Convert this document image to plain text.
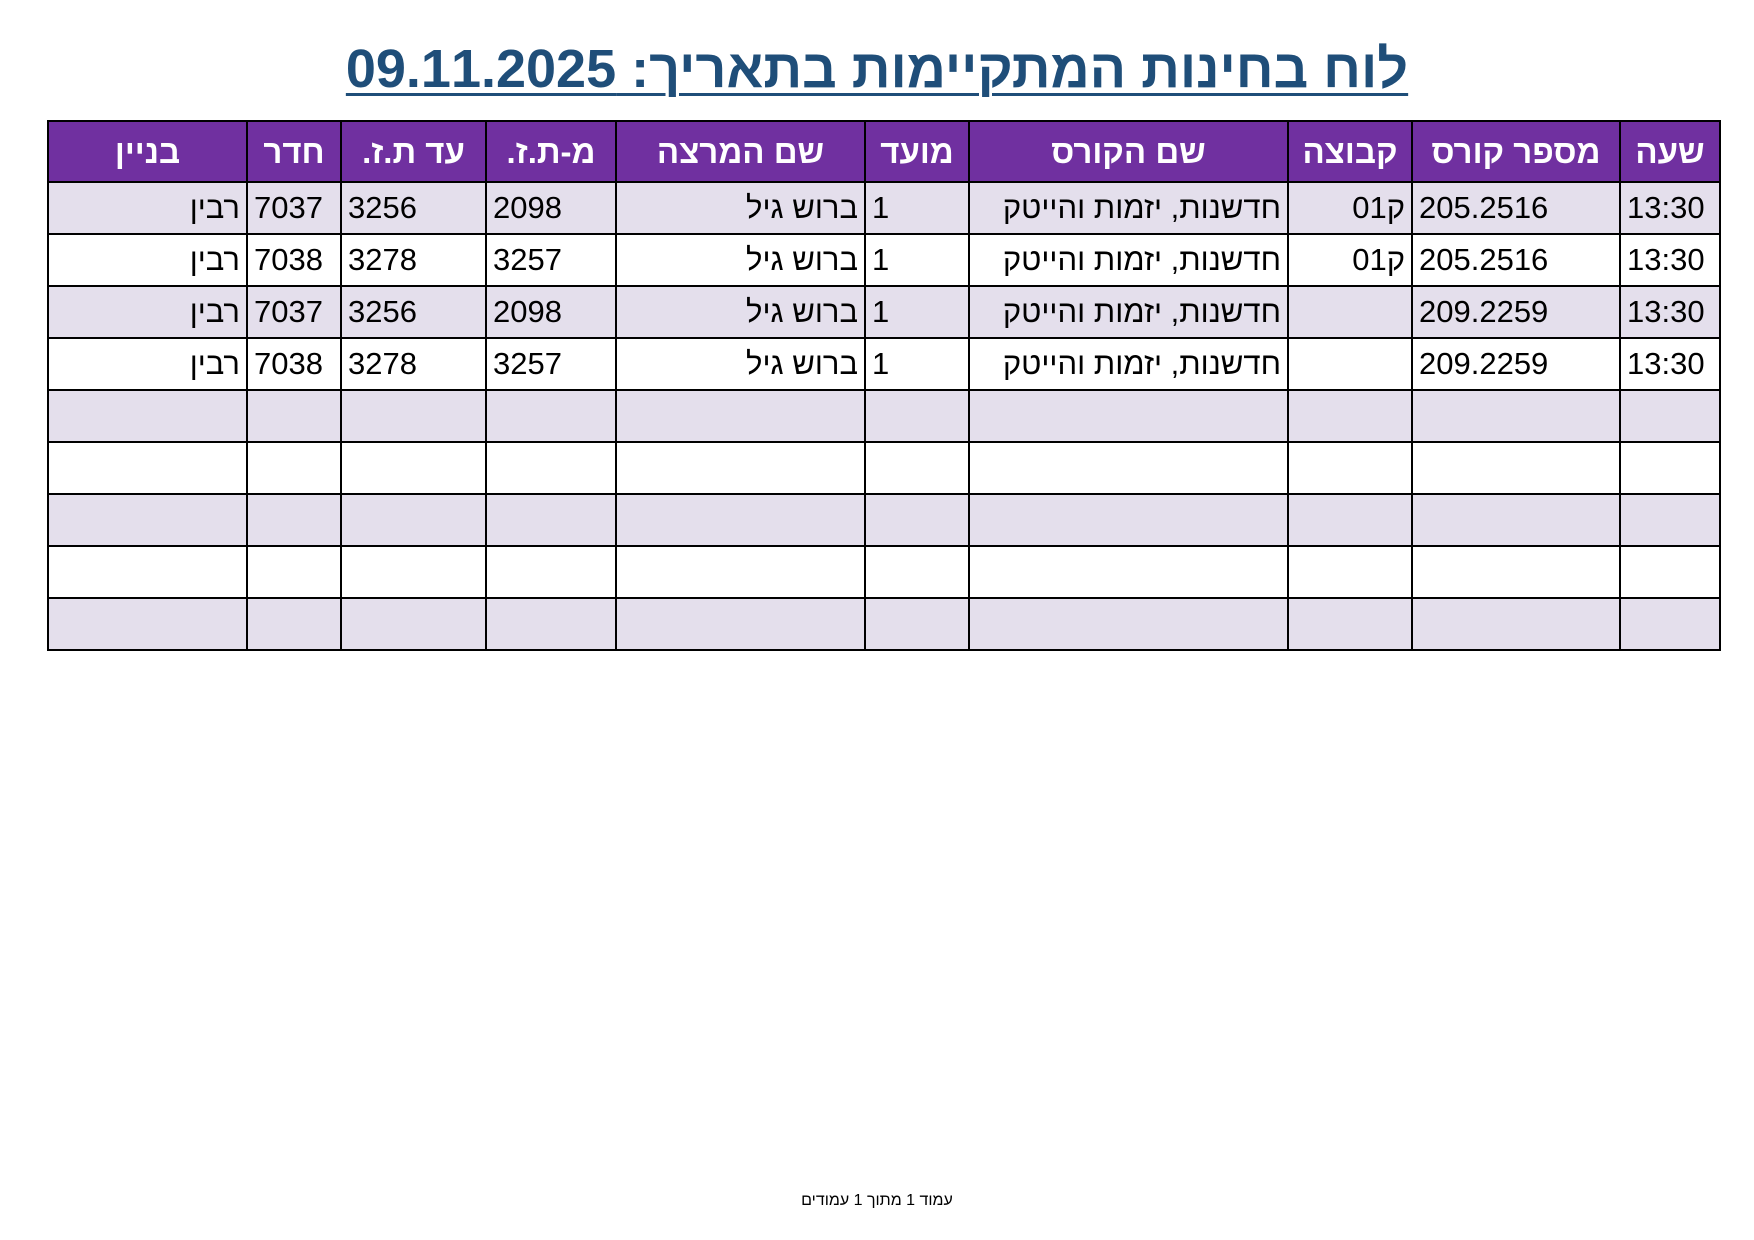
לוח בחינות המתקיימות בתאריך: 09.11.2025
שעה	מספר קורס	קבוצה	שם הקורס	מועד	שם המרצה	מ-ת.ז.	עד ת.ז.	חדר	בניין
13:30	205.2516	ק01	חדשנות, יזמות והייטק	1	ברוש גיל	2098	3256	7037	רבין
13:30	205.2516	ק01	חדשנות, יזמות והייטק	1	ברוש גיל	3257	3278	7038	רבין
13:30	209.2259		חדשנות, יזמות והייטק	1	ברוש גיל	2098	3256	7037	רבין
13:30	209.2259		חדשנות, יזמות והייטק	1	ברוש גיל	3257	3278	7038	רבין

עמוד 1 מתוך 1 עמודים
